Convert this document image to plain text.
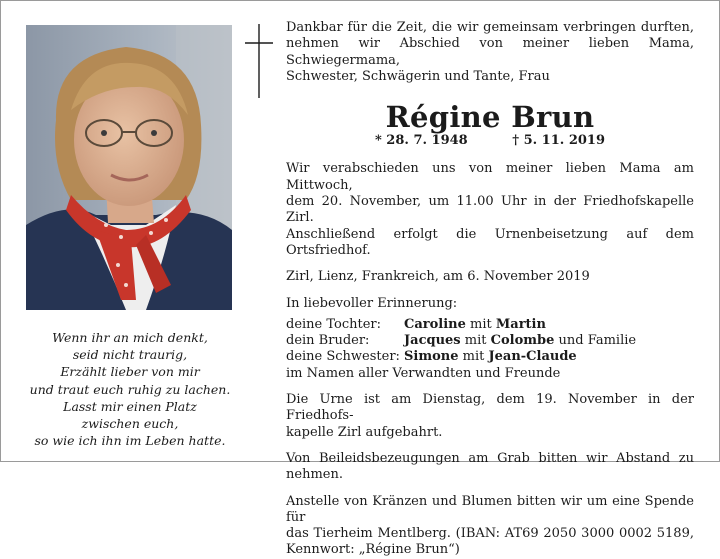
Wenn ihr an mich denkt,
seid nicht traurig,
Erzählt lieber von mir
und traut euch ruhig zu lachen.
Lasst mir einen Platz
zwischen euch,
so wie ich ihn im Leben hatte.
Dankbar für die Zeit, die wir gemeinsam verbringen durften,
nehmen wir Abschied von meiner lieben Mama, Schwiegermama,
Schwester, Schwägerin und Tante, Frau
Régine Brun
* 28. 7. 1948	† 5. 11. 2019
Wir verabschieden uns von meiner lieben Mama am Mittwoch,
dem 20. November, um 11.00 Uhr in der Friedhofskapelle Zirl.
Anschließend erfolgt die Urnenbeisetzung auf dem Ortsfriedhof.
Zirl, Lienz, Frankreich, am 6. November 2019
In liebevoller Erinnerung:
deine Tochter:	Caroline mit Martin
dein Bruder:	Jacques mit Colombe und Familie
deine Schwester: Simone mit Jean-Claude
im Namen aller Verwandten und Freunde
Die Urne ist am Dienstag, dem 19. November in der Friedhofs-
kapelle Zirl aufgebahrt.
Von Beileidsbezeugungen am Grab bitten wir Abstand zu nehmen.
Anstelle von Kränzen und Blumen bitten wir um eine Spende für
das Tierheim Mentlberg. (IBAN: AT69 2050 3000 0002 5189,
Kennwort: „Régine Brun“)
